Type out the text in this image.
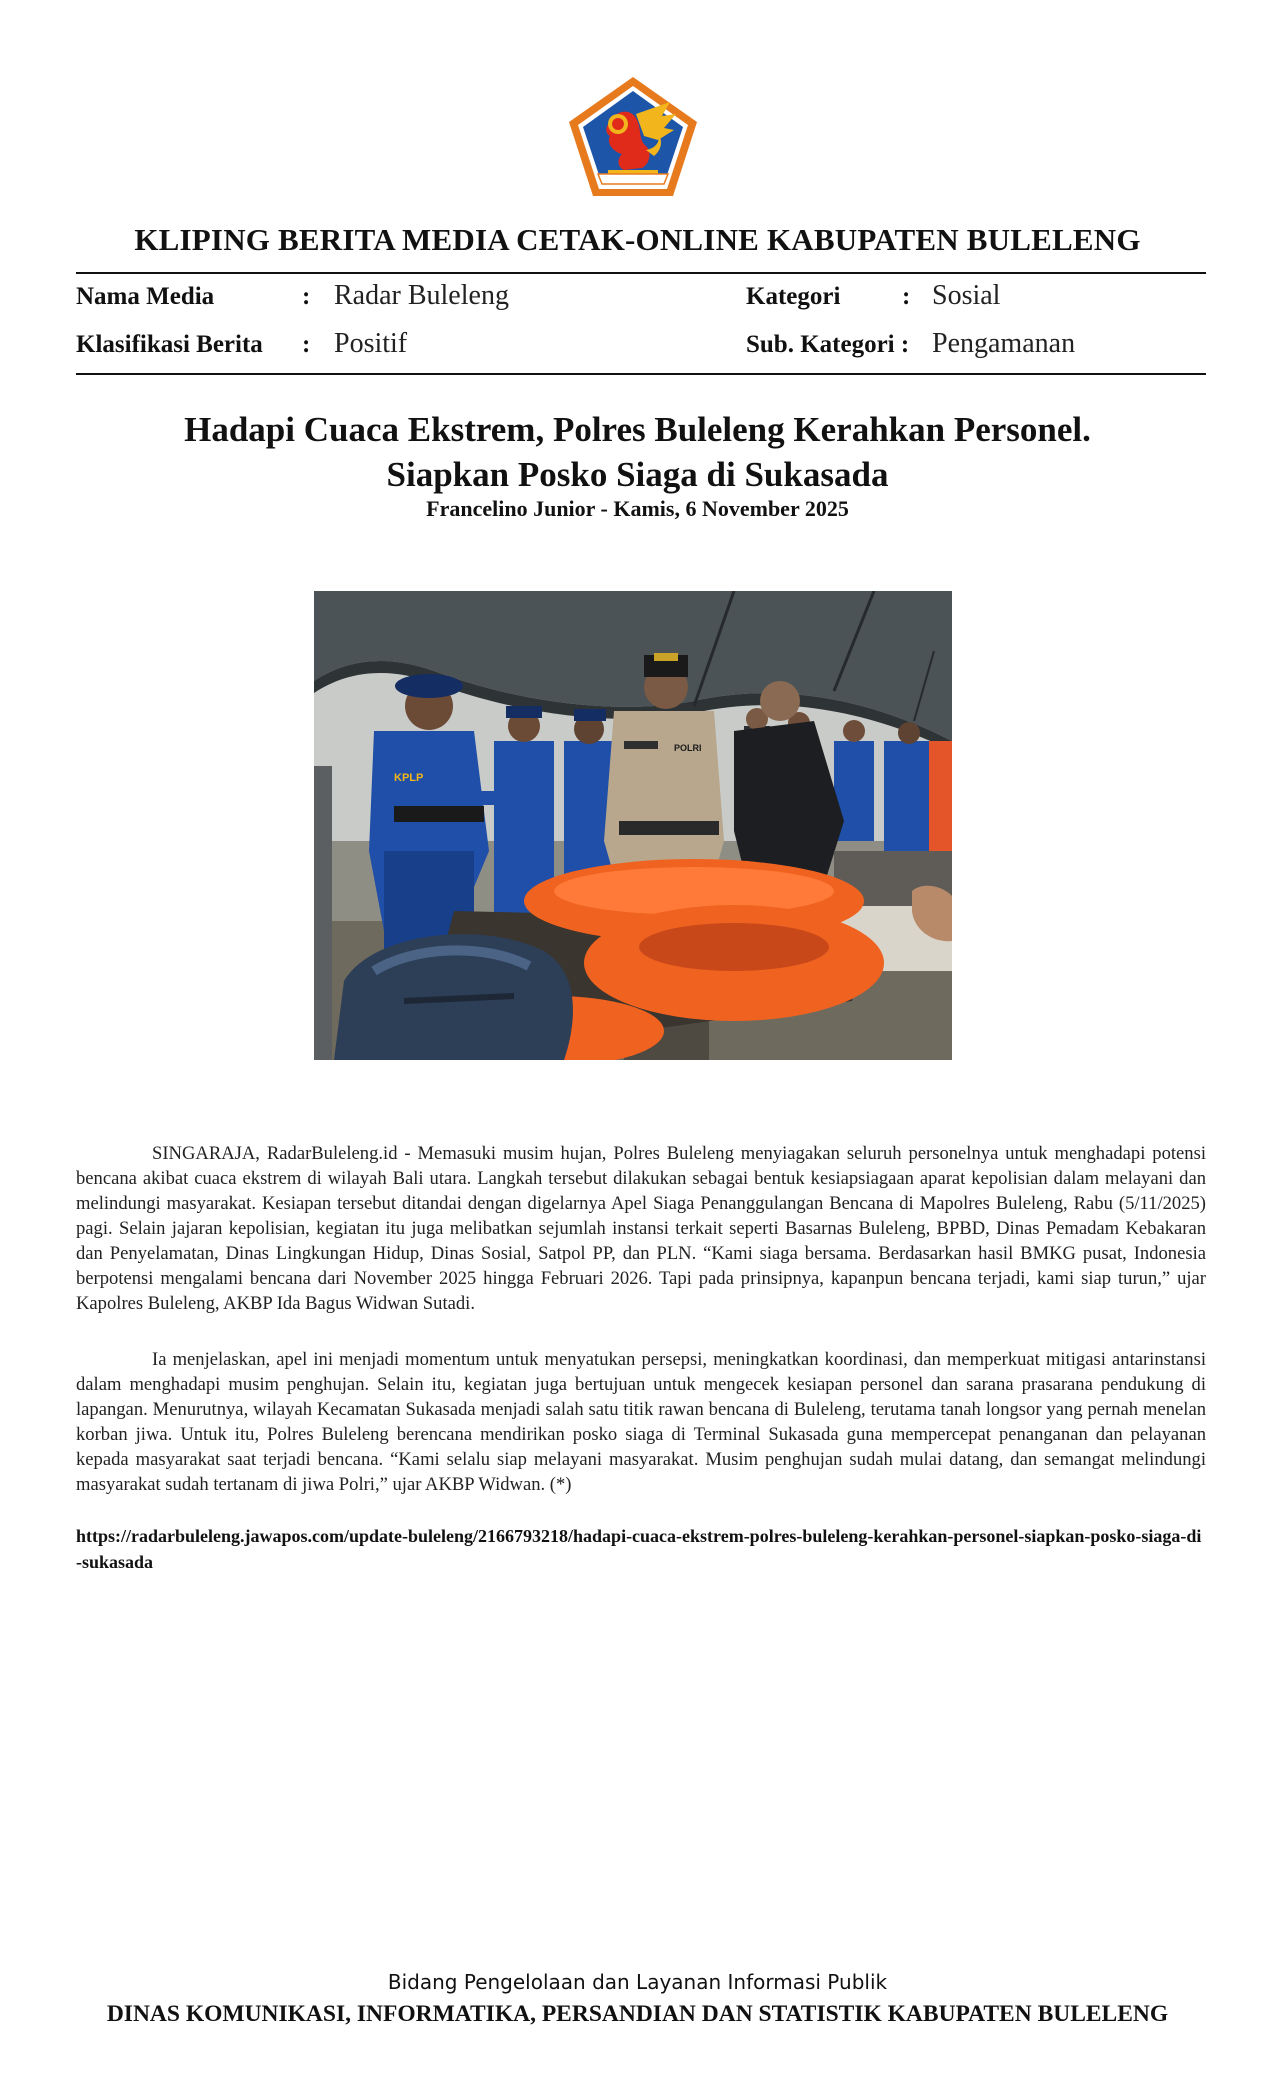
KLIPING BERITA MEDIA CETAK-ONLINE KABUPATEN BULELENG
Nama Media	: Radar Buleleng	Kategori : Sosial
Klasifikasi Berita : Positif	Sub. Kategori : Pengamanan
Hadapi Cuaca Ekstrem, Polres Buleleng Kerahkan Personel.
Siapkan Posko Siaga di Sukasada
Francelino Junior - Kamis, 6 November 2025
KPLP
POLRI

SINGARAJA, RadarBuleleng.id - Memasuki musim hujan, Polres Buleleng menyiagakan seluruh personelnya untuk menghadapi potensi bencana akibat cuaca ekstrem di wilayah Bali utara. Langkah tersebut dilakukan sebagai bentuk kesiapsiagaan aparat kepolisian dalam melayani dan melindungi masyarakat. Kesiapan tersebut ditandai dengan digelarnya Apel Siaga Penanggulangan Bencana di Mapolres Buleleng, Rabu (5/11/2025) pagi. Selain jajaran kepolisian, kegiatan itu juga melibatkan sejumlah instansi terkait seperti Basarnas Buleleng, BPBD, Dinas Pemadam Kebakaran dan Penyelamatan, Dinas Lingkungan Hidup, Dinas Sosial, Satpol PP, dan PLN. “Kami siaga bersama. Berdasarkan hasil BMKG pusat, Indonesia berpotensi mengalami bencana dari November 2025 hingga Februari 2026. Tapi pada prinsipnya, kapanpun bencana terjadi, kami siap turun,” ujar Kapolres Buleleng, AKBP Ida Bagus Widwan Sutadi.

Ia menjelaskan, apel ini menjadi momentum untuk menyatukan persepsi, meningkatkan koordinasi, dan memperkuat mitigasi antarinstansi dalam menghadapi musim penghujan. Selain itu, kegiatan juga bertujuan untuk mengecek kesiapan personel dan sarana prasarana pendukung di lapangan. Menurutnya, wilayah Kecamatan Sukasada menjadi salah satu titik rawan bencana di Buleleng, terutama tanah longsor yang pernah menelan korban jiwa. Untuk itu, Polres Buleleng berencana mendirikan posko siaga di Terminal Sukasada guna mempercepat penanganan dan pelayanan kepada masyarakat saat terjadi bencana. “Kami selalu siap melayani masyarakat. Musim penghujan sudah mulai datang, dan semangat melindungi masyarakat sudah tertanam di jiwa Polri,” ujar AKBP Widwan. (*)

https://radarbuleleng.jawapos.com/update-buleleng/2166793218/hadapi-cuaca-ekstrem-polres-buleleng-kerahkan-personel-siapkan-posko-siaga-di-sukasada

Bidang Pengelolaan dan Layanan Informasi Publik
DINAS KOMUNIKASI, INFORMATIKA, PERSANDIAN DAN STATISTIK KABUPATEN BULELENG
